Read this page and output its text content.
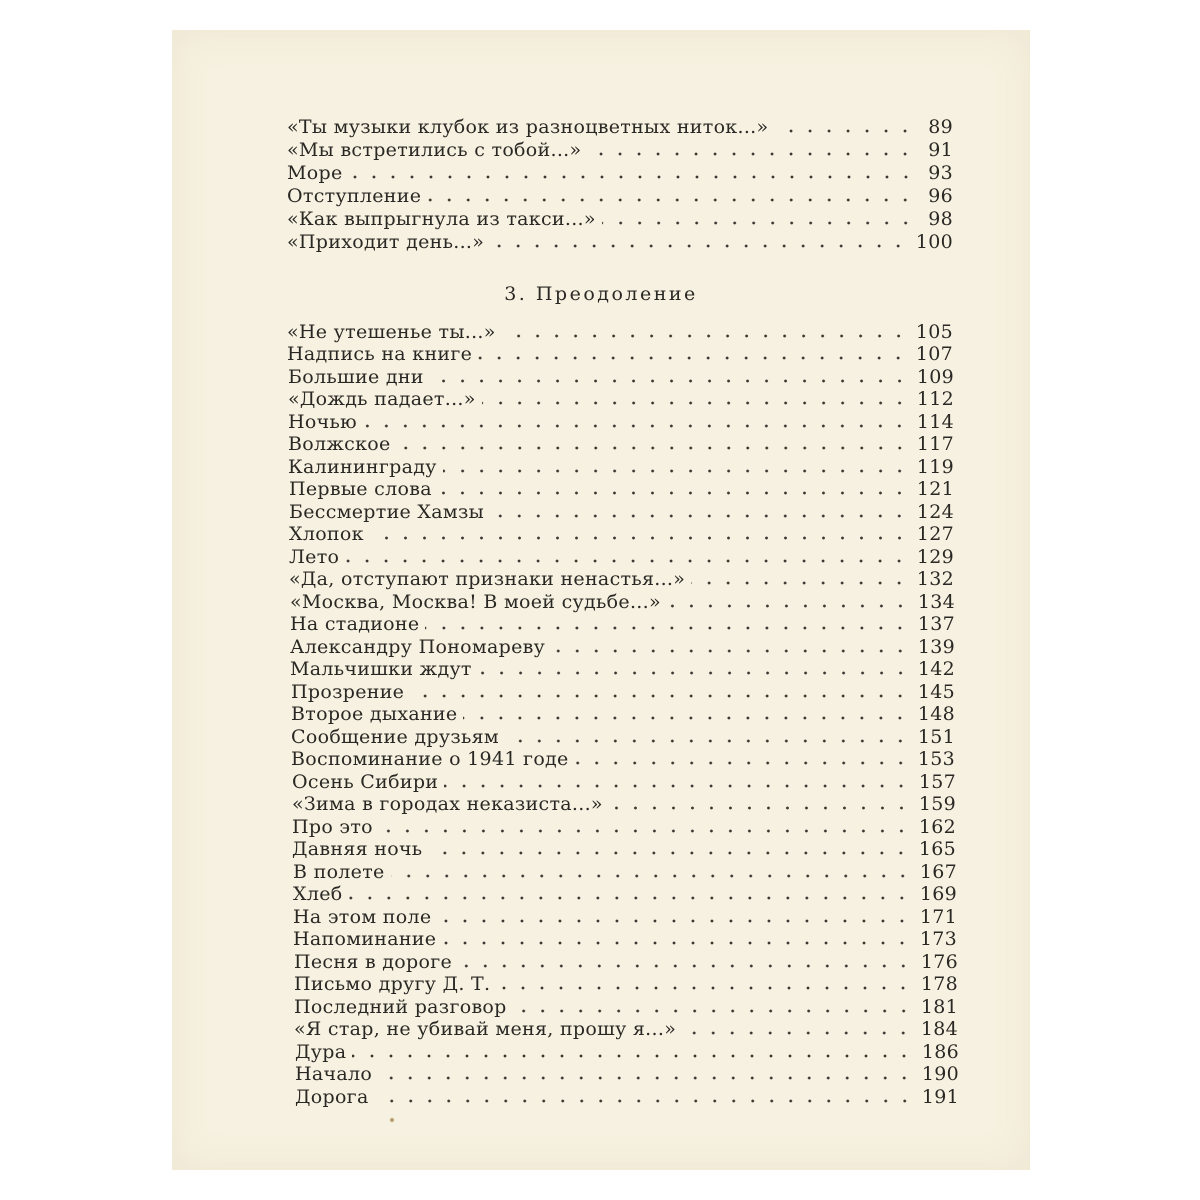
«Ты музыки клубок из разноцветных ниток...»	89
«Мы встретились с тобой...»	91
Море	93
Отступление	96
«Как выпрыгнула из такси...»	98
«Приходит день...»	100
3. Преодоление
«Не утешенье ты...»	105
Надпись на книге	107
Большие дни	109
«Дождь падает...»	112
Ночью	114
Волжское	117
Калининграду	119
Первые слова	121
Бессмертие Хамзы	124
Хлопок	127
Лето	129
«Да, отступают признаки ненастья...»	132
«Москва, Москва! В моей судьбе...»	134
На стадионе	137
Александру Пономареву	139
Мальчишки ждут	142
Прозрение	145
Второе дыхание	148
Сообщение друзьям	151
Воспоминание о 1941 годе	153
Осень Сибири	157
«Зима в городах неказиста...»	159
Про это	162
Давняя ночь	165
В полете	167
Хлеб	169
На этом поле	171
Напоминание	173
Песня в дороге	176
Письмо другу Д. Т.	178
Последний разговор	181
«Я стар, не убивай меня, прошу я...»	184
Дура	186
Начало	190
Дорога	191
